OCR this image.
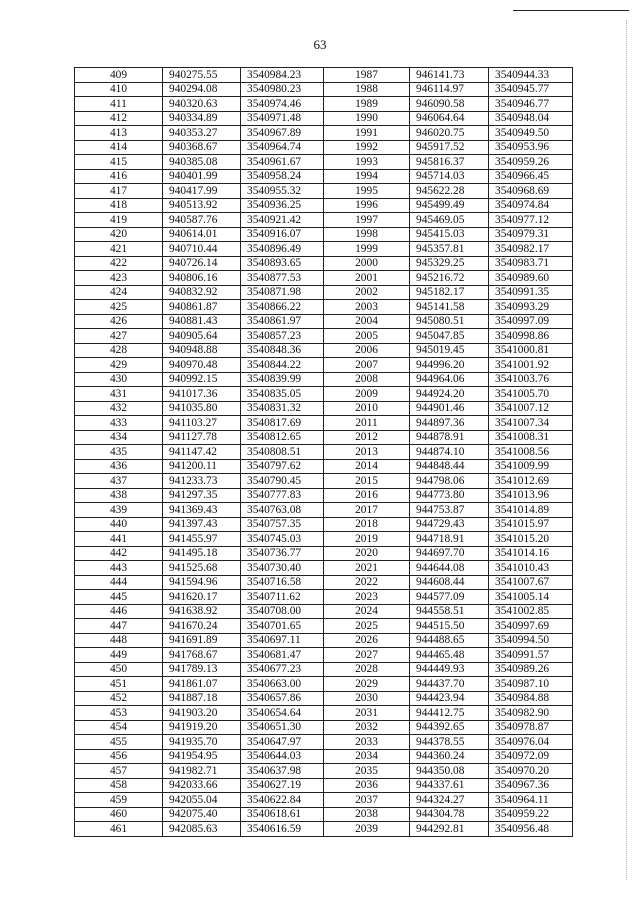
63
409	940275.55	3540984.23	1987	946141.73	3540944.33
410	940294.08	3540980.23	1988	946114.97	3540945.77
411	940320.63	3540974.46	1989	946090.58	3540946.77
412	940334.89	3540971.48	1990	946064.64	3540948.04
413	940353.27	3540967.89	1991	946020.75	3540949.50
414	940368.67	3540964.74	1992	945917.52	3540953.96
415	940385.08	3540961.67	1993	945816.37	3540959.26
416	940401.99	3540958.24	1994	945714.03	3540966.45
417	940417.99	3540955.32	1995	945622.28	3540968.69
418	940513.92	3540936.25	1996	945499.49	3540974.84
419	940587.76	3540921.42	1997	945469.05	3540977.12
420	940614.01	3540916.07	1998	945415.03	3540979.31
421	940710.44	3540896.49	1999	945357.81	3540982.17
422	940726.14	3540893.65	2000	945329.25	3540983.71
423	940806.16	3540877.53	2001	945216.72	3540989.60
424	940832.92	3540871.98	2002	945182.17	3540991.35
425	940861.87	3540866.22	2003	945141.58	3540993.29
426	940881.43	3540861.97	2004	945080.51	3540997.09
427	940905.64	3540857.23	2005	945047.85	3540998.86
428	940948.88	3540848.36	2006	945019.45	3541000.81
429	940970.48	3540844.22	2007	944996.20	3541001.92
430	940992.15	3540839.99	2008	944964.06	3541003.76
431	941017.36	3540835.05	2009	944924.20	3541005.70
432	941035.80	3540831.32	2010	944901.46	3541007.12
433	941103.27	3540817.69	2011	944897.36	3541007.34
434	941127.78	3540812.65	2012	944878.91	3541008.31
435	941147.42	3540808.51	2013	944874.10	3541008.56
436	941200.11	3540797.62	2014	944848.44	3541009.99
437	941233.73	3540790.45	2015	944798.06	3541012.69
438	941297.35	3540777.83	2016	944773.80	3541013.96
439	941369.43	3540763.08	2017	944753.87	3541014.89
440	941397.43	3540757.35	2018	944729.43	3541015.97
441	941455.97	3540745.03	2019	944718.91	3541015.20
442	941495.18	3540736.77	2020	944697.70	3541014.16
443	941525.68	3540730.40	2021	944644.08	3541010.43
444	941594.96	3540716.58	2022	944608.44	3541007.67
445	941620.17	3540711.62	2023	944577.09	3541005.14
446	941638.92	3540708.00	2024	944558.51	3541002.85
447	941670.24	3540701.65	2025	944515.50	3540997.69
448	941691.89	3540697.11	2026	944488.65	3540994.50
449	941768.67	3540681.47	2027	944465.48	3540991.57
450	941789.13	3540677.23	2028	944449.93	3540989.26
451	941861.07	3540663.00	2029	944437.70	3540987.10
452	941887.18	3540657.86	2030	944423.94	3540984.88
453	941903.20	3540654.64	2031	944412.75	3540982.90
454	941919.20	3540651.30	2032	944392.65	3540978.87
455	941935.70	3540647.97	2033	944378.55	3540976.04
456	941954.95	3540644.03	2034	944360.24	3540972.09
457	941982.71	3540637.98	2035	944350.08	3540970.20
458	942033.66	3540627.19	2036	944337.61	3540967.36
459	942055.04	3540622.84	2037	944324.27	3540964.11
460	942075.40	3540618.61	2038	944304.78	3540959.22
461	942085.63	3540616.59	2039	944292.81	3540956.48
